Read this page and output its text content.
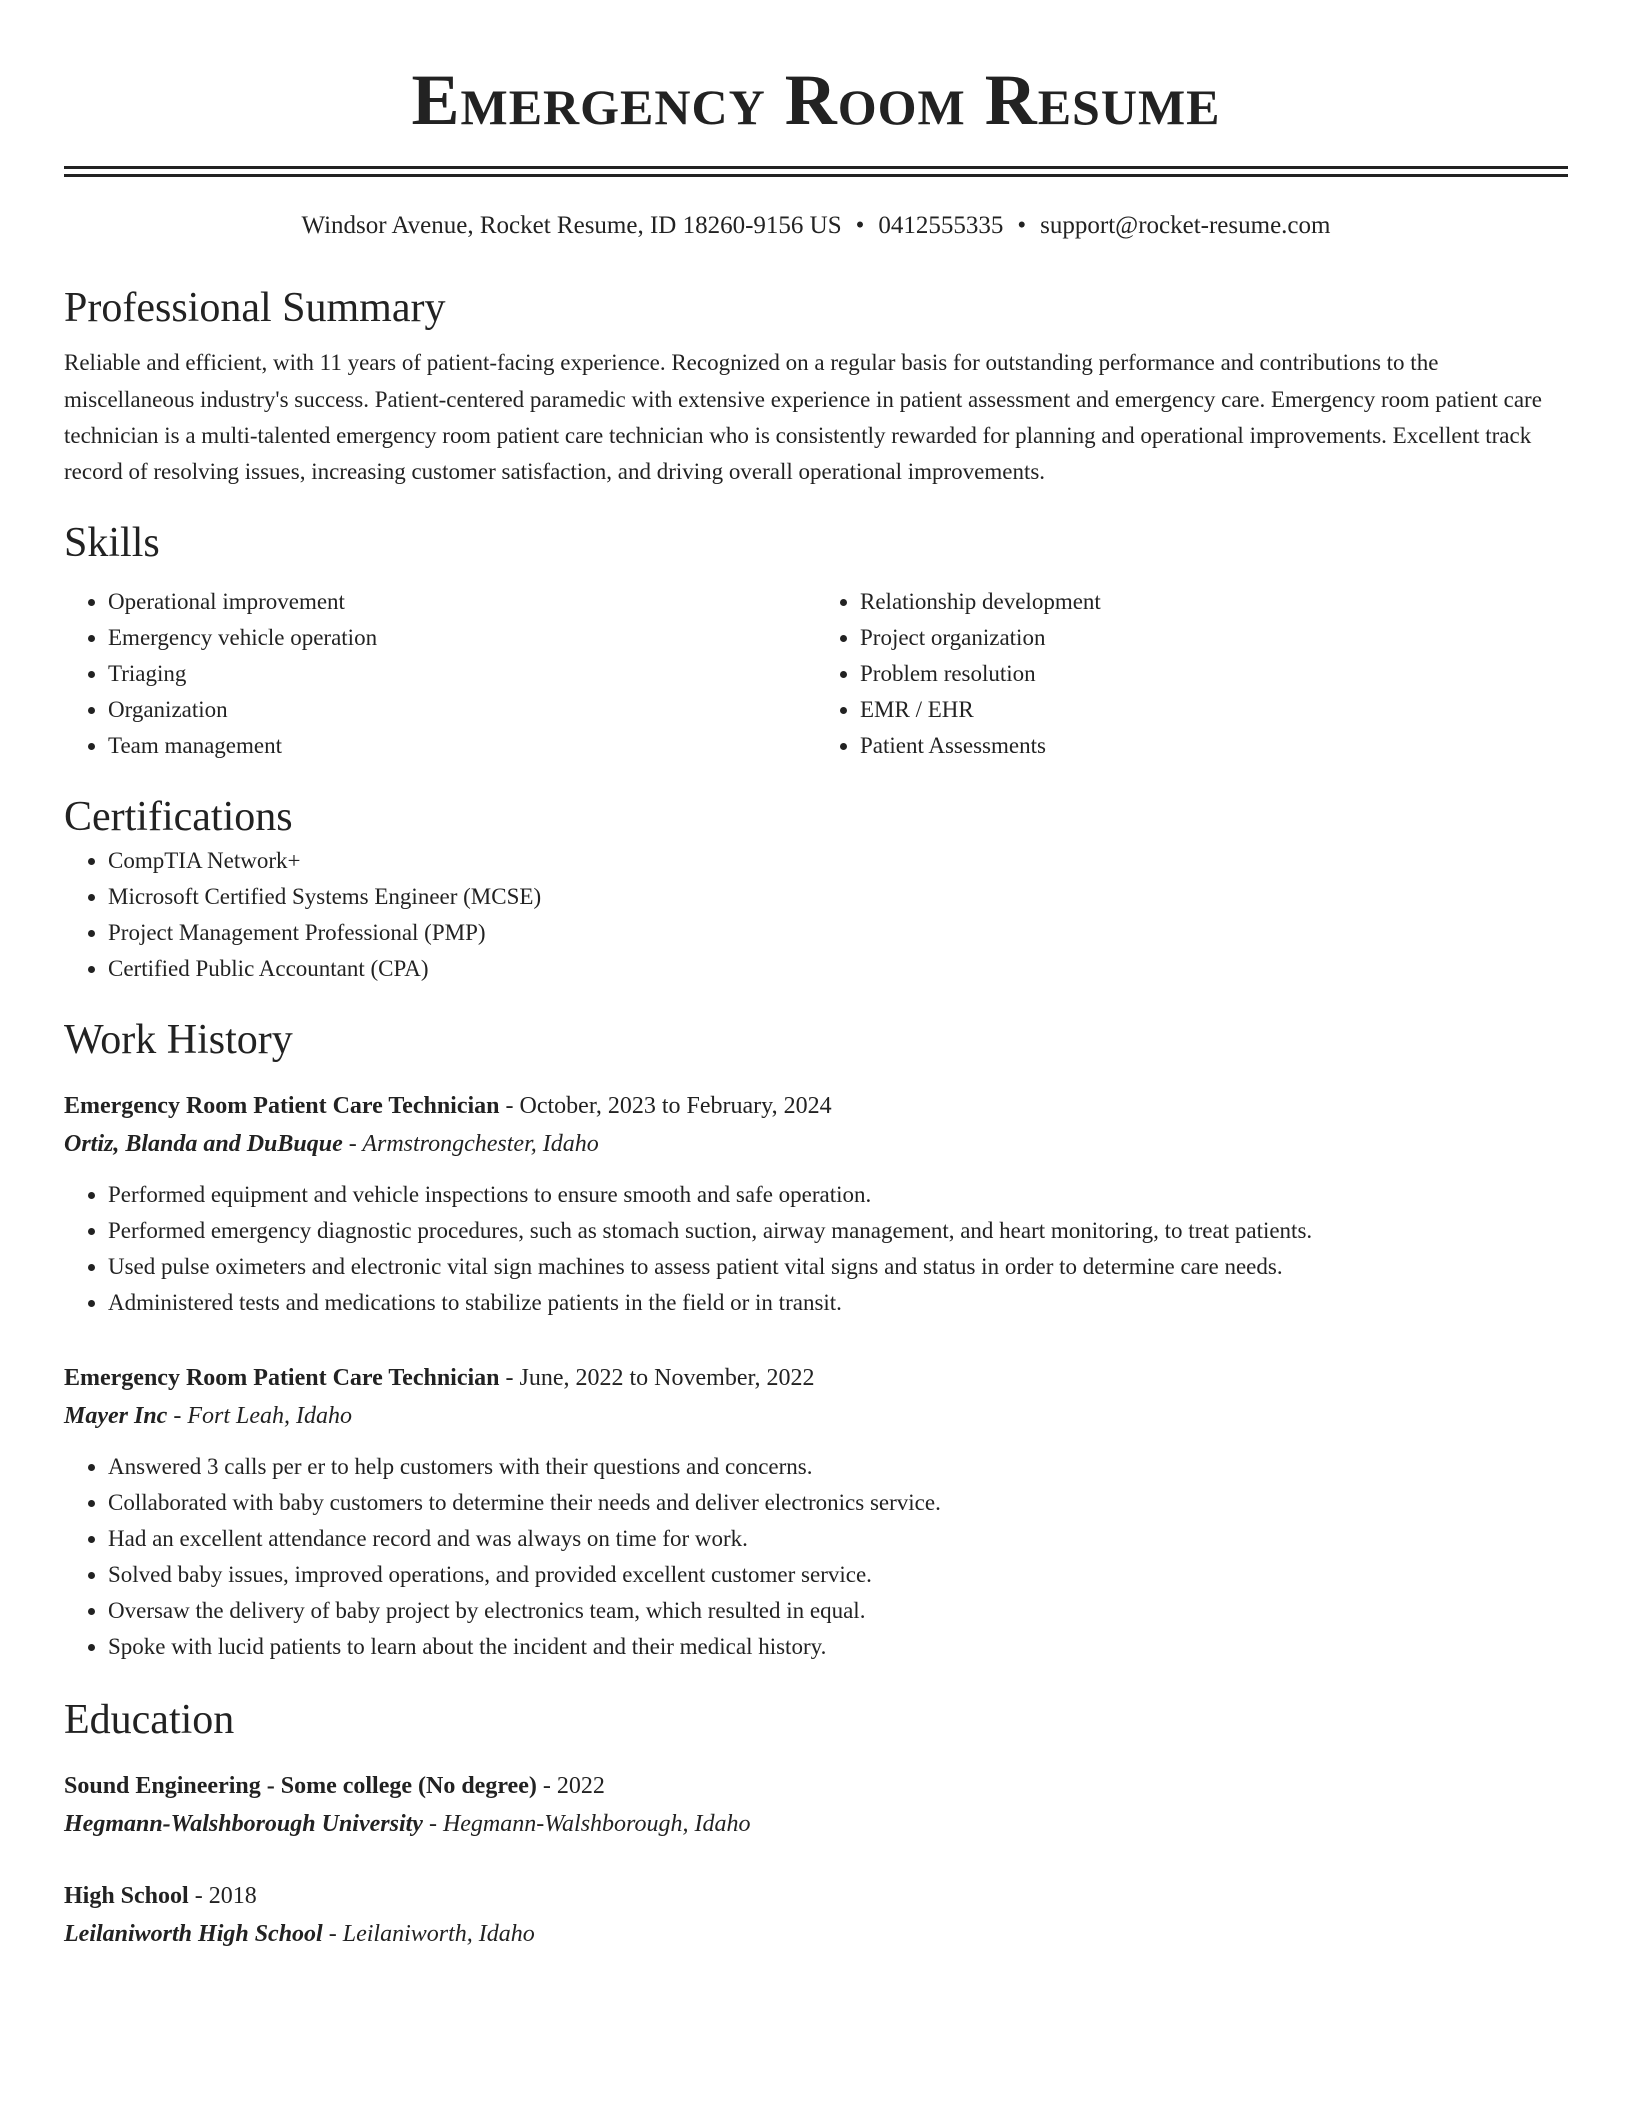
Emergency Room Resume
Windsor Avenue, Rocket Resume, ID 18260-9156 US • 0412555335 • support@rocket-resume.com
Professional Summary

Reliable and efficient, with 11 years of patient-facing experience. Recognized on a regular basis for outstanding performance and contributions to the miscellaneous industry's success. Patient-centered paramedic with extensive experience in patient assessment and emergency care. Emergency room patient care technician is a multi-talented emergency room patient care technician who is consistently rewarded for planning and operational improvements. Excellent track record of resolving issues, increasing customer satisfaction, and driving overall operational improvements.

Skills
• Operational improvement
• Emergency vehicle operation
• Triaging
• Organization
• Team management
• Relationship development
• Project organization
• Problem resolution
• EMR / EHR
• Patient Assessments
Certifications
• CompTIA Network+
• Microsoft Certified Systems Engineer (MCSE)
• Project Management Professional (PMP)
• Certified Public Accountant (CPA)
Work History
Emergency Room Patient Care Technician - October, 2023 to February, 2024
Ortiz, Blanda and DuBuque - Armstrongchester, Idaho
• Performed equipment and vehicle inspections to ensure smooth and safe operation.
• Performed emergency diagnostic procedures, such as stomach suction, airway management, and heart monitoring, to treat patients.
• Used pulse oximeters and electronic vital sign machines to assess patient vital signs and status in order to determine care needs.
• Administered tests and medications to stabilize patients in the field or in transit.
Emergency Room Patient Care Technician - June, 2022 to November, 2022
Mayer Inc - Fort Leah, Idaho
• Answered 3 calls per er to help customers with their questions and concerns.
• Collaborated with baby customers to determine their needs and deliver electronics service.
• Had an excellent attendance record and was always on time for work.
• Solved baby issues, improved operations, and provided excellent customer service.
• Oversaw the delivery of baby project by electronics team, which resulted in equal.
• Spoke with lucid patients to learn about the incident and their medical history.
Education
Sound Engineering - Some college (No degree) - 2022
Hegmann-Walshborough University - Hegmann-Walshborough, Idaho
High School - 2018
Leilaniworth High School - Leilaniworth, Idaho
